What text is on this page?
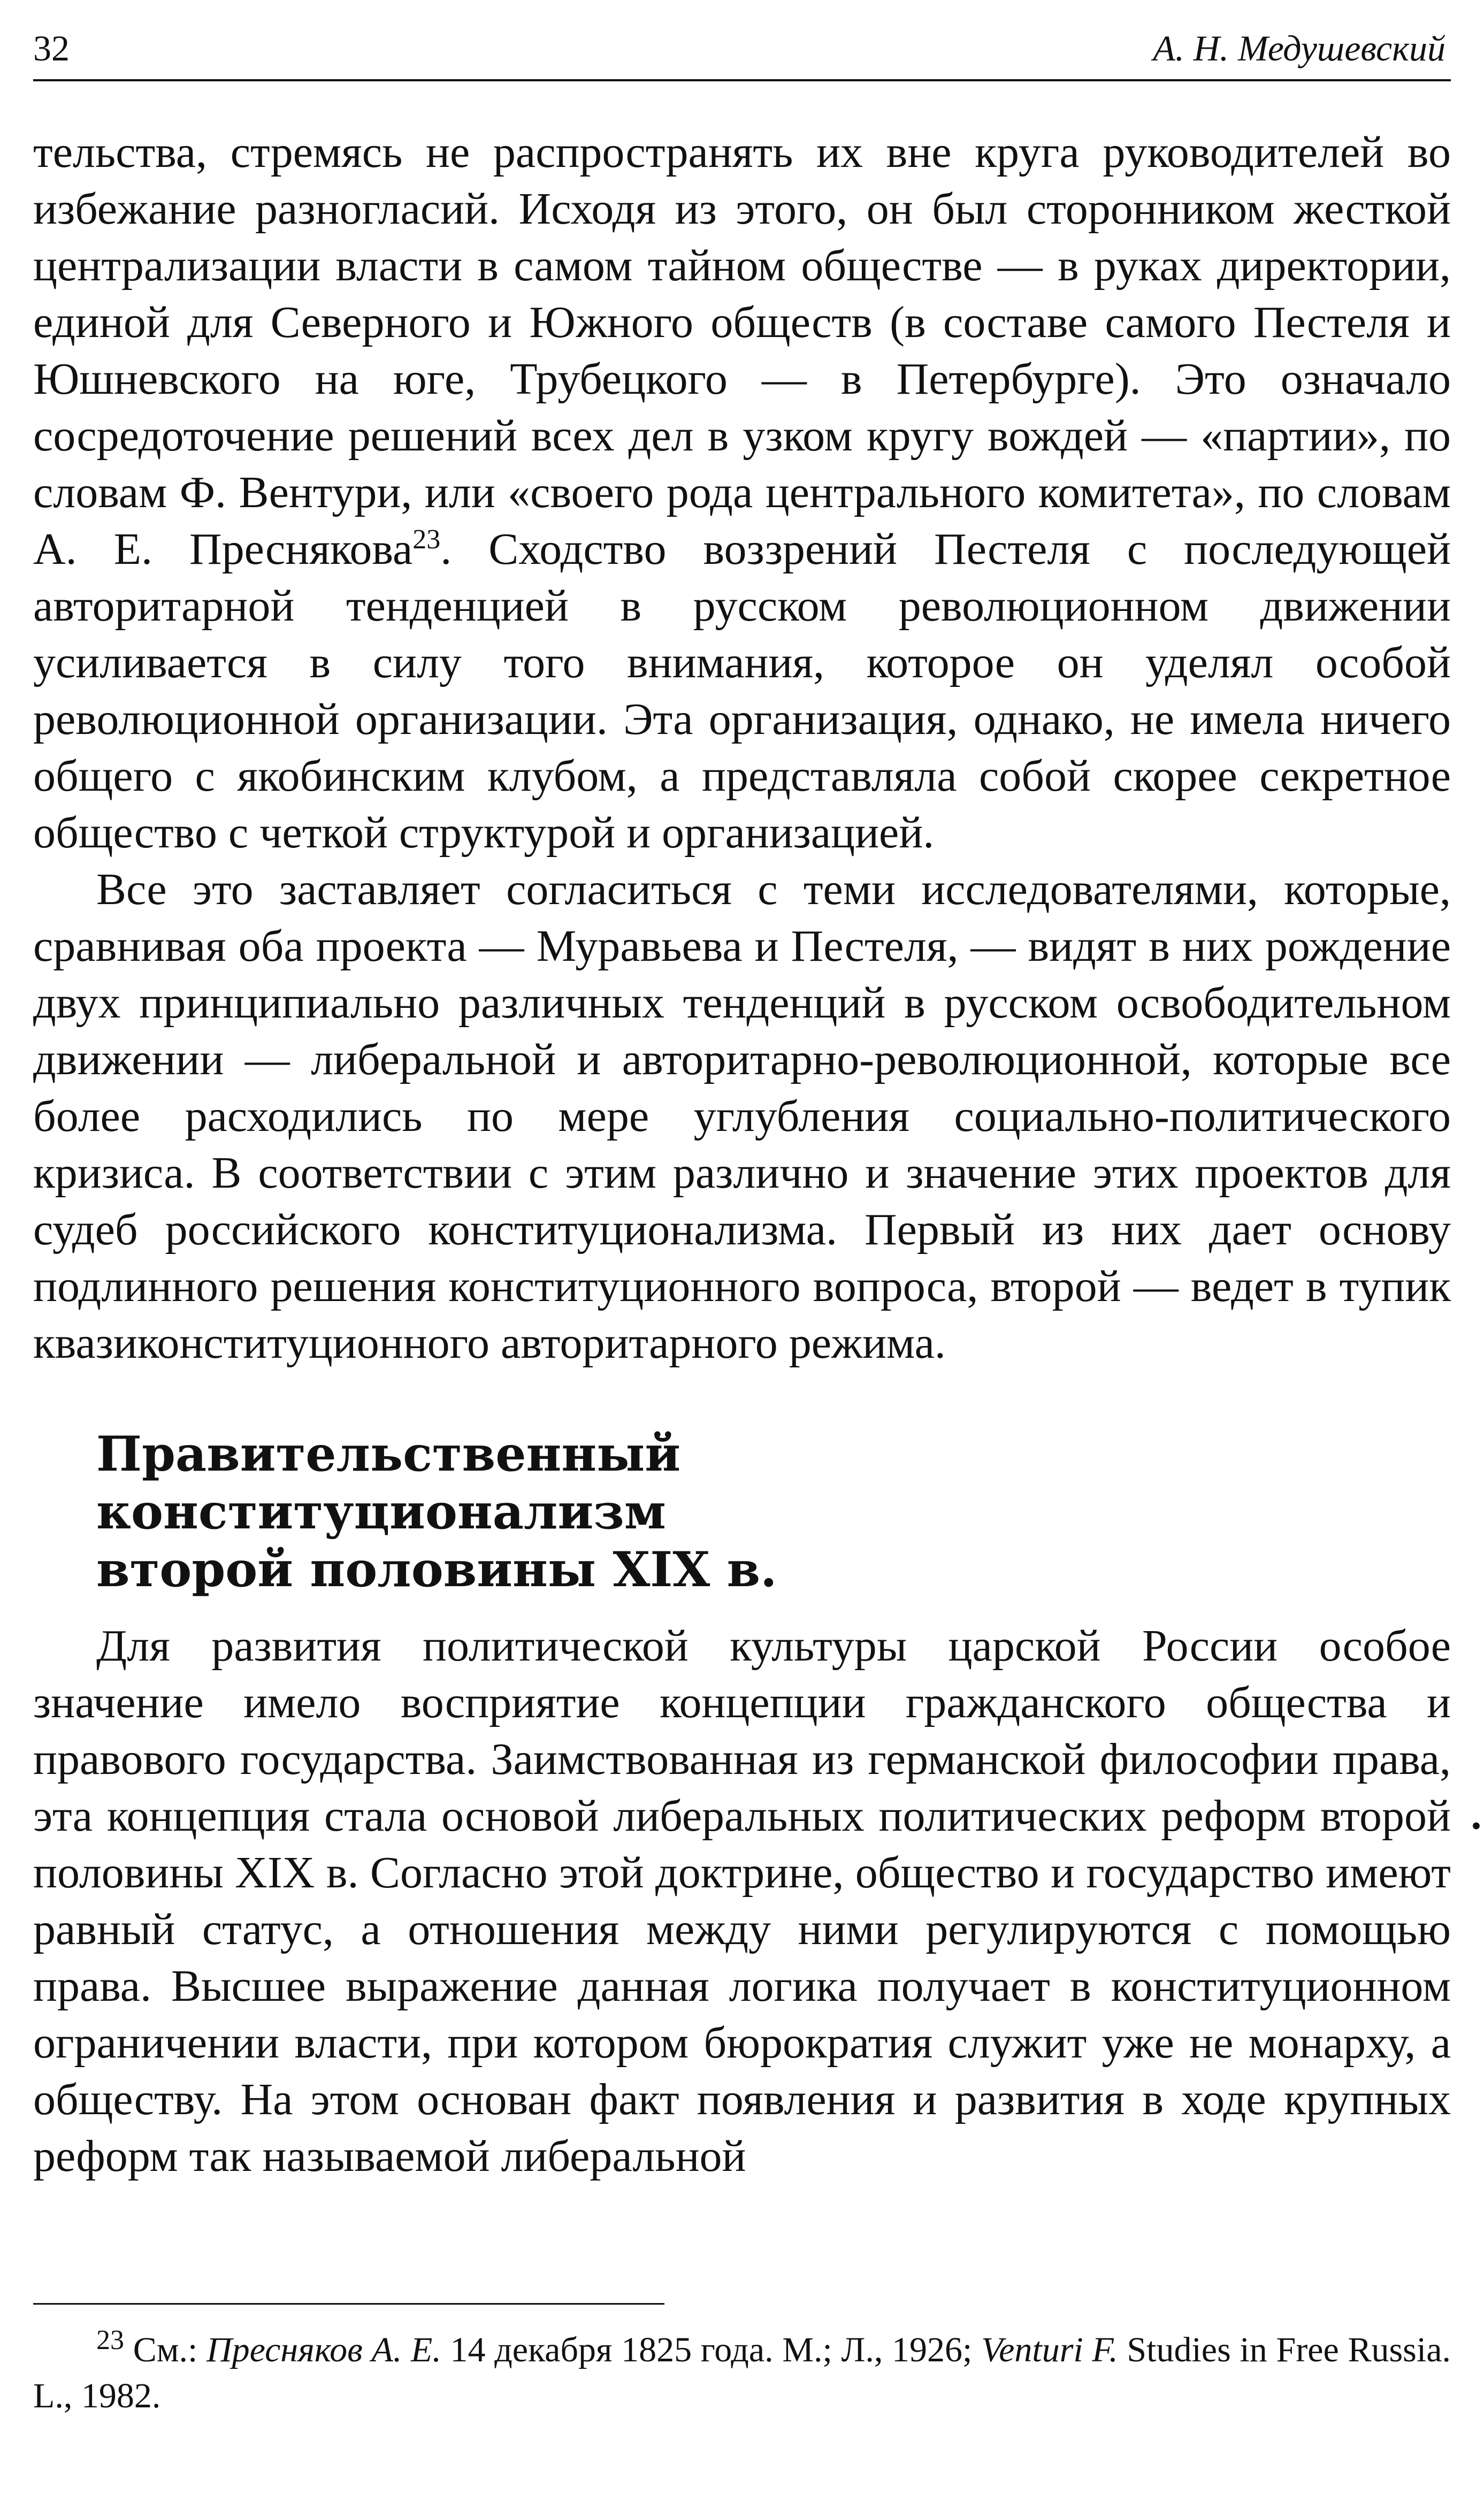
32	А. Н. Медушевский

тельства, стремясь не распространять их вне круга руководителей во избежание разногласий. Исходя из этого, он был сторонником жесткой централизации власти в самом тайном обществе — в руках директории, единой для Северного и Южного обществ (в составе самого Пестеля и Юшневского на юге, Трубецкого — в Петербурге). Это означало сосредоточение решений всех дел в узком кругу вождей — «партии», по словам Ф. Вентури, или «своего рода центрального комитета», по словам А. Е. Преснякова$^{23}$. Сходство воззрений Пестеля с последующей авторитарной тенденцией в русском революционном движении усиливается в силу того внимания, которое он уделял особой революционной организации. Эта организация, однако, не имела ничего общего с якобинским клубом, а представляла собой скорее секретное общество с четкой структурой и организацией.

Все это заставляет согласиться с теми исследователями, которые, сравнивая оба проекта — Муравьева и Пестеля, — видят в них рождение двух принципиально различных тенденций в русском освободительном движении — либеральной и авторитарно-революционной, которые все более расходились по мере углубления социально-политического кризиса. В соответствии с этим различно и значение этих проектов для судеб российского конституционализма. Первый из них дает основу подлинного решения конституционного вопроса, второй — ведет в тупик квазиконституционного авторитарного режима.

Правительственный конституционализм
второй половины XIX в.

Для развития политической культуры царской России особое значение имело восприятие концепции гражданского общества и правового государства. Заимствованная из германской философии права, эта концепция стала основой либеральных политических реформ второй половины XIX в. Согласно этой доктрине, общество и государство имеют равный статус, а отношения между ними регулируются с помощью права. Высшее выражение данная логика получает в конституционном ограничении власти, при котором бюрократия служит уже не монарху, а обществу. На этом основан факт появления и развития в ходе крупных реформ так называемой либеральной

•
$^{23}$ См.: Пресняков А. Е. 14 декабря 1825 года. М.; Л., 1926; Venturi F. Studies in Free Russia. L., 1982.
